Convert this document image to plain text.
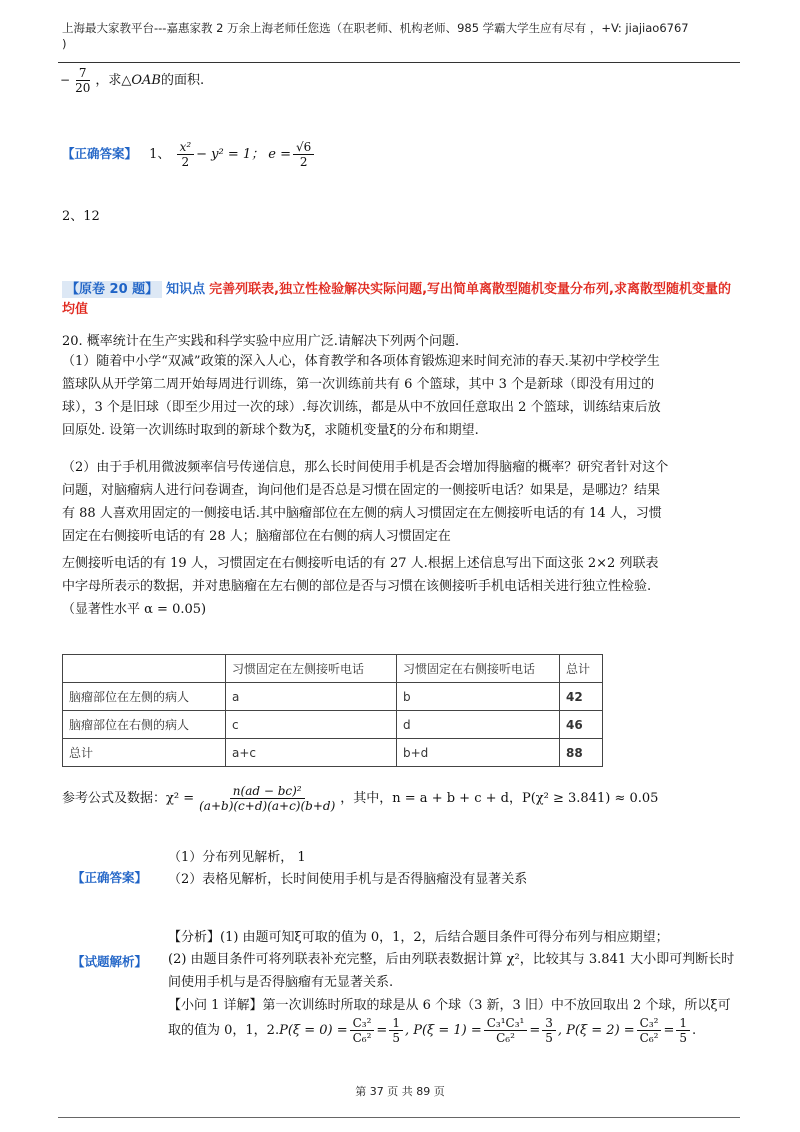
上海最大家教平台---嘉惠家教 2 万余上海老师任您选（在职老师、机构老师、985 学霸大学生应有尽有 ，+V: jiajiao6767
)
− $\frac{7}{20}$ ，求△OAB的面积.
【正确答案】 1、 $\frac{\text{x²}}{2} - y^2 = 1$； $e = \frac{√6}{2}$
2、12
【原卷 20 题】 知识点 完善列联表,独立性检验解决实际问题,写出简单离散型随机变量分布列,求离散型随机变量的均值
20. 概率统计在生产实践和科学实验中应用广泛.请解决下列两个问题.
（1）随着中小学“双减”政策的深入人心，体育教学和各项体育锻炼迎来时间充沛的春天.某初中学校学生篮球队从开学第二周开始每周进行训练，第一次训练前共有 6 个篮球，其中 3 个是新球（即没有用过的球），3 个是旧球（即至少用过一次的球）.每次训练，都是从中不放回任意取出 2 个篮球，训练结束后放回原处. 设第一次训练时取到的新球个数为ξ，求随机变量ξ的分布和期望.
（2）由于手机用微波频率信号传递信息，那么长时间使用手机是否会增加得脑瘤的概率？研究者针对这个问题，对脑瘤病人进行问卷调查，询问他们是否总是习惯在固定的一侧接听电话？如果是，是哪边？结果有 88 人喜欢用固定的一侧接电话.其中脑瘤部位在左侧的病人习惯固定在左侧接听电话的有 14 人，习惯固定在右侧接听电话的有 28 人；脑瘤部位在右侧的病人习惯固定在
左侧接听电话的有 19 人，习惯固定在右侧接听电话的有 27 人.根据上述信息写出下面这张 2×2 列联表中字母所表示的数据，并对患脑瘤在左右侧的部位是否与习惯在该侧接听手机电话相关进行独立性检验.（显著性水平 α = 0.05)
	习惯固定在左侧接听电话	习惯固定在右侧接听电话	总计
脑瘤部位在左侧的病人	a	b	42
脑瘤部位在右侧的病人	c	d	46
总计	a+c	b+d	88
参考公式及数据：$\chi^2 = \frac{\text{n(ad − bc)²}}{(a+b)(c+d)(a+c)(b+d)}$ ，其中，n = a + b + c + d，P(χ² ≥ 3.841) ≈ 0.05
【正确答案】
（1）分布列见解析， 1
（2）表格见解析，长时间使用手机与是否得脑瘤没有显著关系
【试题解析】
【分析】(1) 由题可知ξ可取的值为 0，1，2，后结合题目条件可得分布列与相应期望；
(2) 由题目条件可将列联表补充完整，后由列联表数据计算 χ²，比较其与 3.841 大小即可判断长时间使用手机与是否得脑瘤有无显著关系.
【小问 1 详解】第一次训练时所取的球是从 6 个球（3 新，3 旧）中不放回取出 2 个球，所以ξ可
取的值为 0，1，$2.P(\xi = 0) = \frac{\text{C₃²}}{\text{C₆²}} = \frac{1}{5}$ , $P(\xi = 1) = \frac{\text{C₃¹C₃¹}}{\text{C₆²}} = \frac{3}{5}$ , $P(\xi = 2) = \frac{\text{C₃²}}{\text{C₆²}} = \frac{1}{5}$ .
第 37 页 共 89 页
